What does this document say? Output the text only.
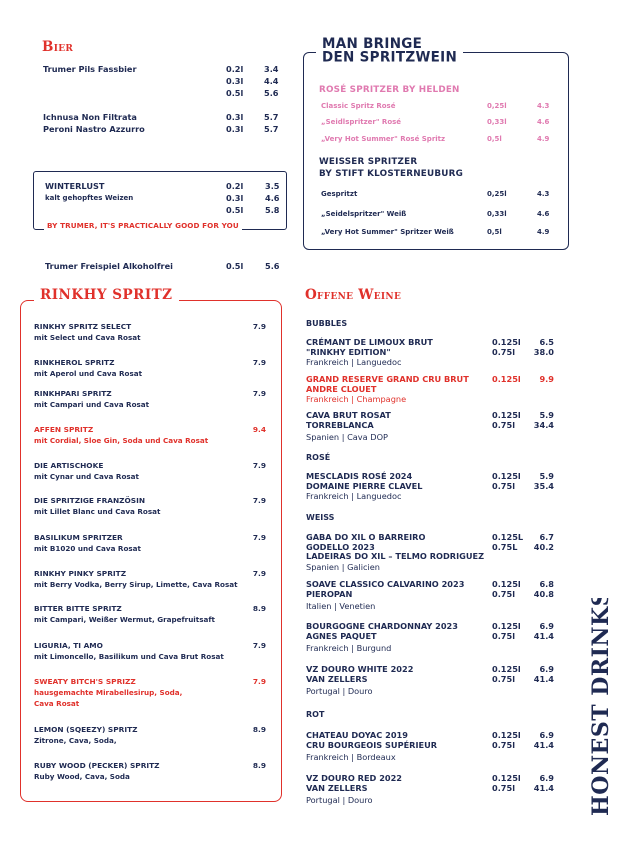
Bier
Trumer Pils Fassbier	0.2l	3.4
0.3l	4.4
0.5l	5.6
Ichnusa Non Filtrata	0.3l	5.7
Peroni Nastro Azzurro	0.3l	5.7
WINTERLUST
kalt gehopftes Weizen
0.2l	3.5
0.3l	4.6
0.5l	5.8
BY TRUMER, IT'S PRACTICALLY GOOD FOR YOU
Trumer Freispiel Alkoholfrei	0.5l	5.6
MAN BRINGE
DEN SPRITZWEIN
ROSÉ SPRITZER BY HELDEN
Classic Spritz Rosé	0,25l	4.3
„Seidlspritzer" Rosé	0,33l	4.6
„Very Hot Summer" Rosé Spritz	0,5l	4.9
WEISSER SPRITZER
BY STIFT KLOSTERNEUBURG
Gespritzt	0,25l	4.3
„Seidelspritzer" Weiß	0,33l	4.6
„Very Hot Summer" Spritzer Weiß	0,5l	4.9
RINKHY SPRITZ
RINKHY SPRITZ SELECT	7.9
mit Select und Cava Rosat
RINKHEROL SPRITZ	7.9
mit Aperol und Cava Rosat
RINKHPARI SPRITZ	7.9
mit Campari und Cava Rosat
AFFEN SPRITZ	9.4
mit Cordial, Sloe Gin, Soda und Cava Rosat
DIE ARTISCHOKE	7.9
mit Cynar und Cava Rosat
DIE SPRITZIGE FRANZÖSIN	7.9
mit Lillet Blanc und Cava Rosat
BASILIKUM SPRITZER	7.9
mit B1020 und Cava Rosat
RINKHY PINKY SPRITZ	7.9
mit Berry Vodka, Berry Sirup, Limette, Cava Rosat
BITTER BITTE SPRITZ	8.9
mit Campari, Weißer Wermut, Grapefruitsaft
LIGURIA, TI AMO	7.9
mit Limoncello, Basilikum und Cava Brut Rosat
SWEATY BITCH'S SPRIZZ	7.9
hausgemachte Mirabellesirup, Soda,
Cava Rosat
LEMON (SQEEZY) SPRITZ	8.9
Zitrone, Cava, Soda,
RUBY WOOD (PECKER) SPRITZ	8.9
Ruby Wood, Cava, Soda
Offene Weine
BUBBLES
CRÉMANT DE LIMOUX BRUT	0.125l 6.5
"RINKHY EDITION"	0.75l 38.0
Frankreich | Languedoc
GRAND RESERVE GRAND CRU BRUT	0.125l 9.9
ANDRE CLOUET
Frankreich | Champagne
CAVA BRUT ROSAT	0.125l 5.9
TORREBLANCA	0.75l 34.4
Spanien | Cava DOP
ROSÉ
MESCLADIS ROSÉ 2024	0.125l 5.9
DOMAINE PIERRE CLAVEL	0.75l 35.4
Frankreich | Languedoc
WEISS
GABA DO XIL O BARREIRO	0.125L 6.7
GODELLO 2023	0.75L 40.2
LADEIRAS DO XIL – TELMO RODRIGUEZ
Spanien | Galicien
SOAVE CLASSICO CALVARINO 2023	0.125l 6.8
PIEROPAN	0.75l 40.8
Italien | Venetien
BOURGOGNE CHARDONNAY 2023	0.125l 6.9
AGNES PAQUET	0.75l 41.4
Frankreich | Burgund
VZ DOURO WHITE 2022	0.125l 6.9
VAN ZELLERS	0.75l 41.4
Portugal | Douro
ROT
CHATEAU DOYAC 2019	0.125l 6.9
CRU BOURGEOIS SUPÉRIEUR	0.75l 41.4
Frankreich | Bordeaux
VZ DOURO RED 2022	0.125l 6.9
VAN ZELLERS	0.75l 41.4
Portugal | Douro	HONEST DRINKS
